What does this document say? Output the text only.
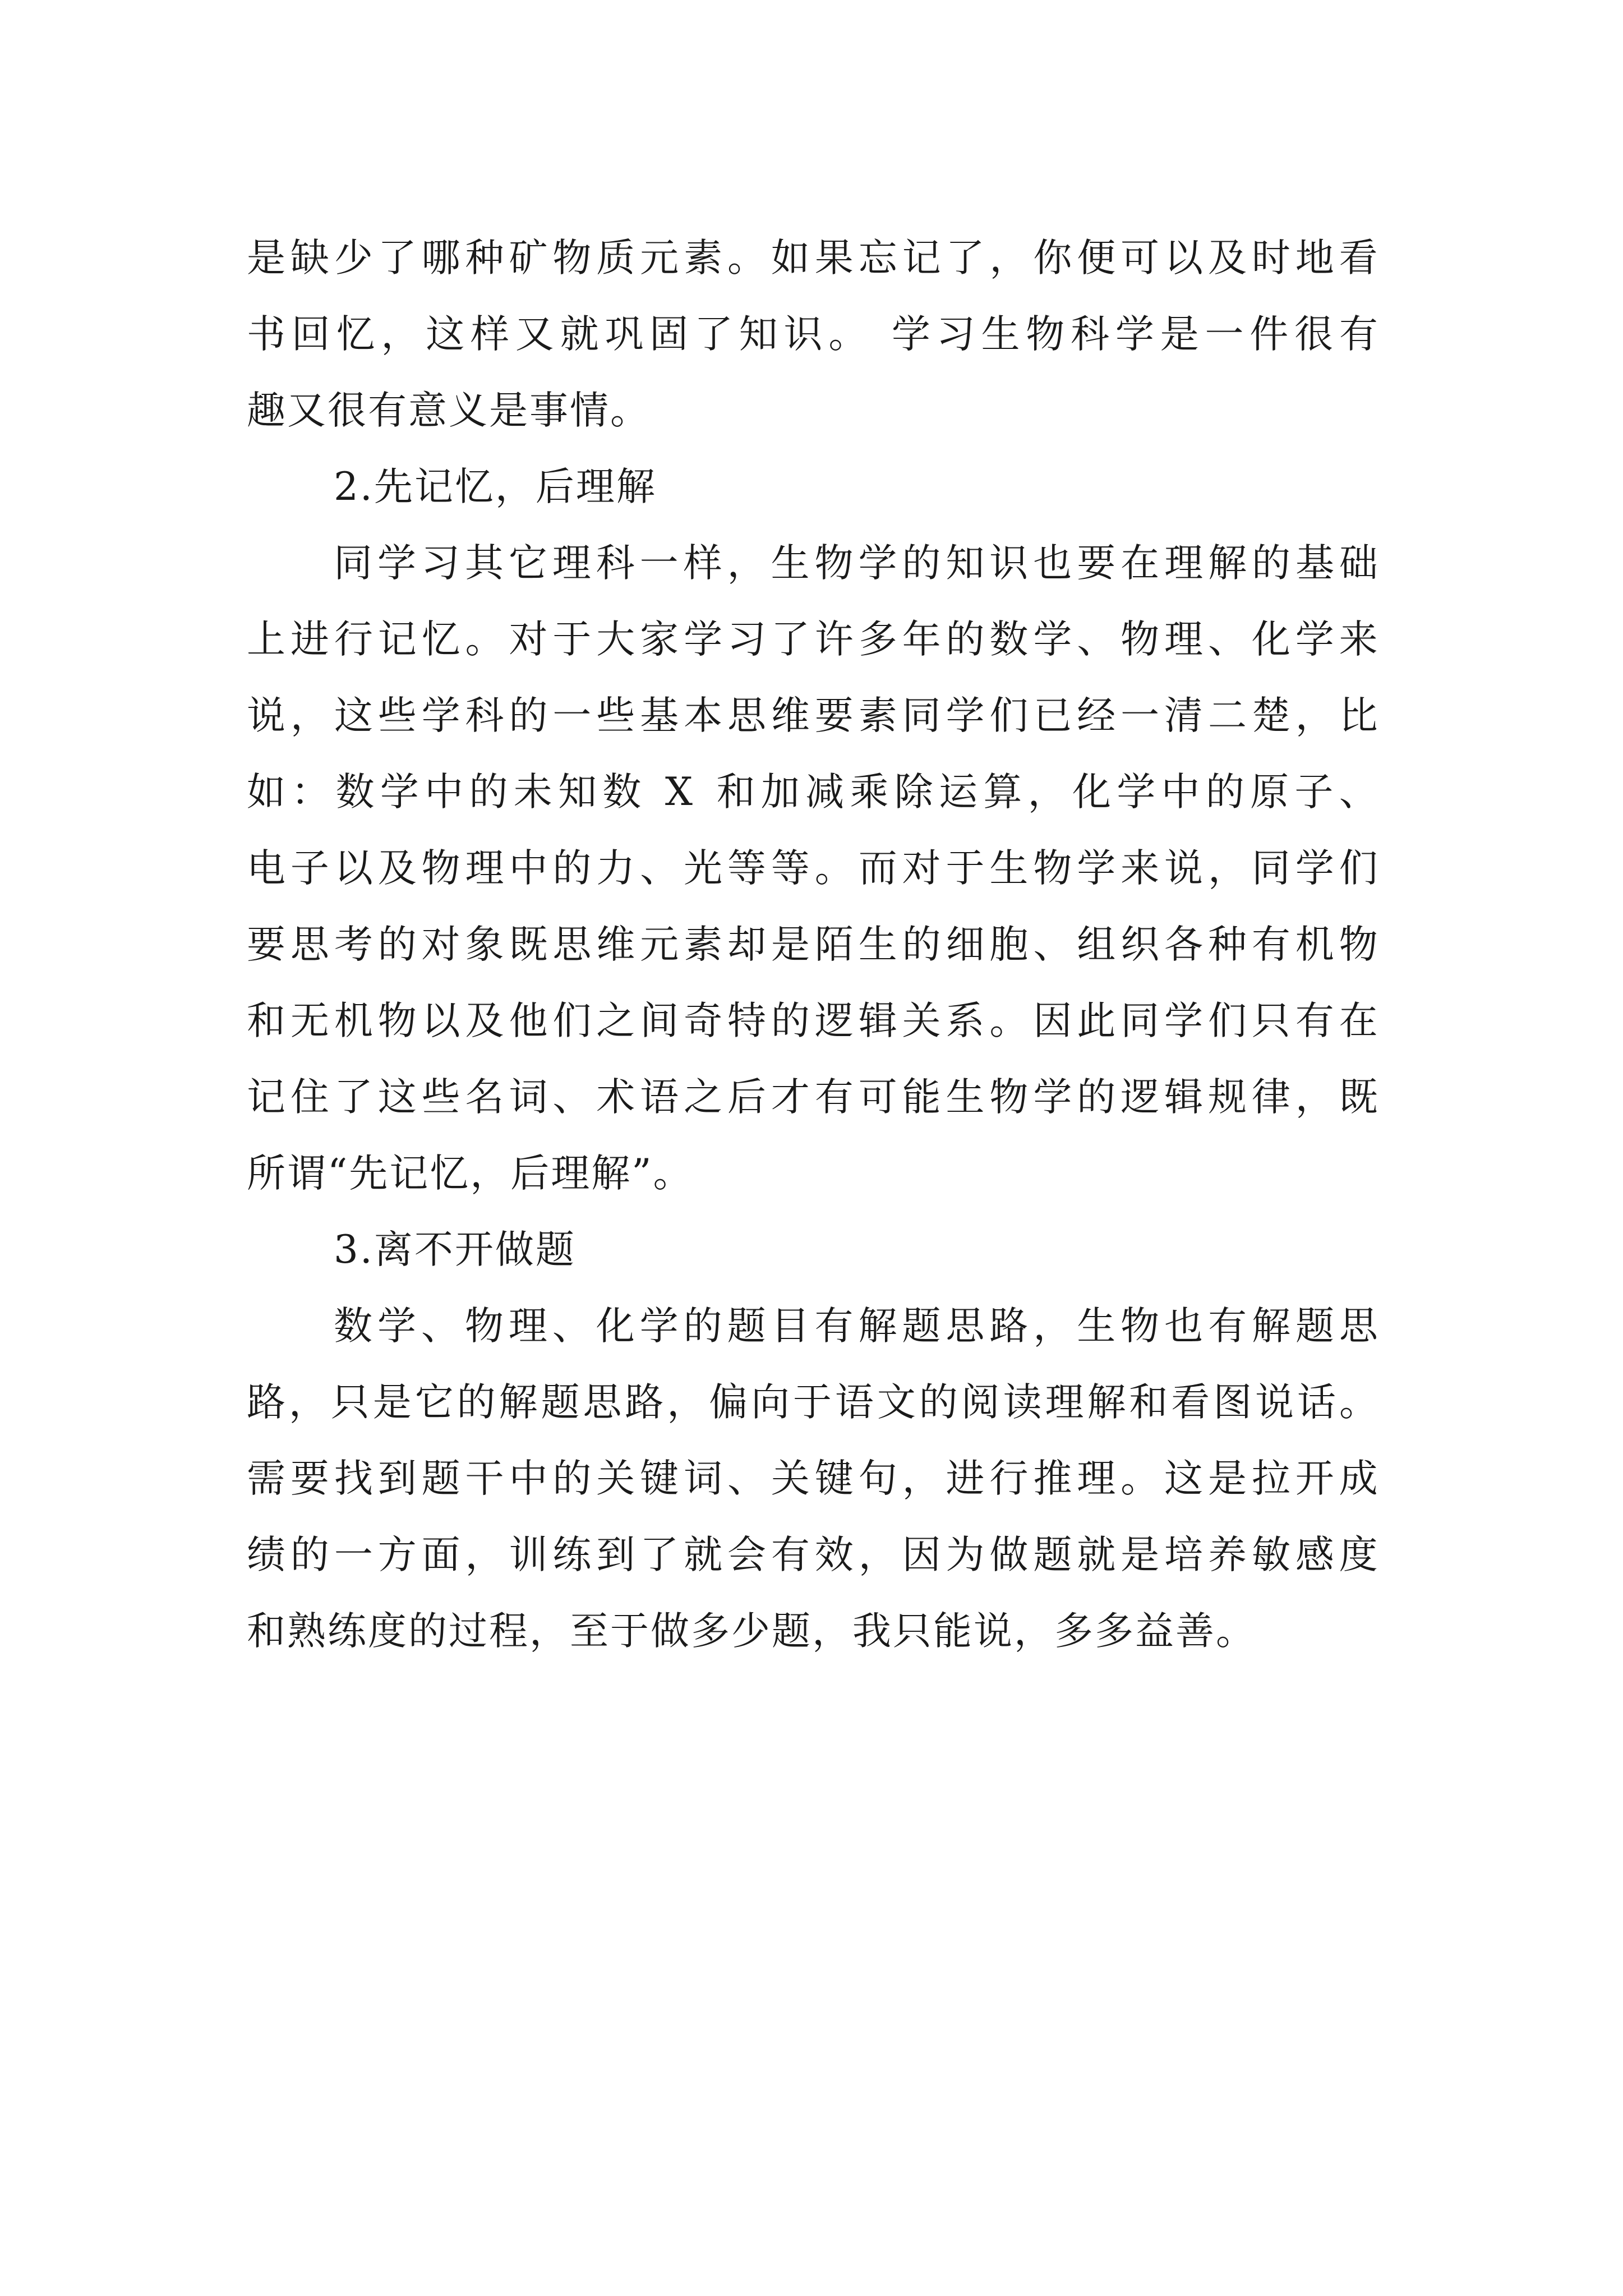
是 缺 少 了 哪 种 矿 物 质 元 素 。 如 果 忘 记 了 ， 你 便 可 以 及 时 地 看
书 回 忆 ， 这 样 又 就 巩 固 了 知 识 。
学 习 生 物 科 学 是 一 件 很 有
趣又很有意义是事情。
2.先记忆，后理解
同 学 习 其 它 理 科 一 样 ， 生 物 学 的 知 识 也 要 在 理 解 的 基 础
上 进 行 记 忆 。 对 于 大 家 学 习 了 许 多 年 的 数 学 、 物 理 、 化 学 来
说 ， 这 些 学 科 的 一 些 基 本 思 维 要 素 同 学 们 已 经 一 清 二 楚 ， 比
如 ： 数 学 中 的 未 知 数
X
和 加 减 乘 除 运 算 ， 化 学 中 的 原 子 、
电 子 以 及 物 理 中 的 力 、 光 等 等 。 而 对 于 生 物 学 来 说 ， 同 学 们
要 思 考 的 对 象 既 思 维 元 素 却 是 陌 生 的 细 胞 、 组 织 各 种 有 机 物
和 无 机 物 以 及 他 们 之 间 奇 特 的 逻 辑 关 系 。 因 此 同 学 们 只 有 在
记 住 了 这 些 名 词 、 术 语 之 后 才 有 可 能 生 物 学 的 逻 辑 规 律 ， 既
所谓“先记忆，后理解”。
3.离不开做题
数 学 、 物 理 、 化 学 的 题 目 有 解 题 思 路 ， 生 物 也 有 解 题 思
路 ， 只 是 它 的 解 题 思 路 ， 偏 向 于 语 文 的 阅 读 理 解 和 看 图 说 话 。
需 要 找 到 题 干 中 的 关 键 词 、 关 键 句 ， 进 行 推 理 。 这 是 拉 开 成
绩 的 一 方 面 ， 训 练 到 了 就 会 有 效 ， 因 为 做 题 就 是 培 养 敏 感 度
和熟练度的过程，至于做多少题，我只能说，多多益善。
